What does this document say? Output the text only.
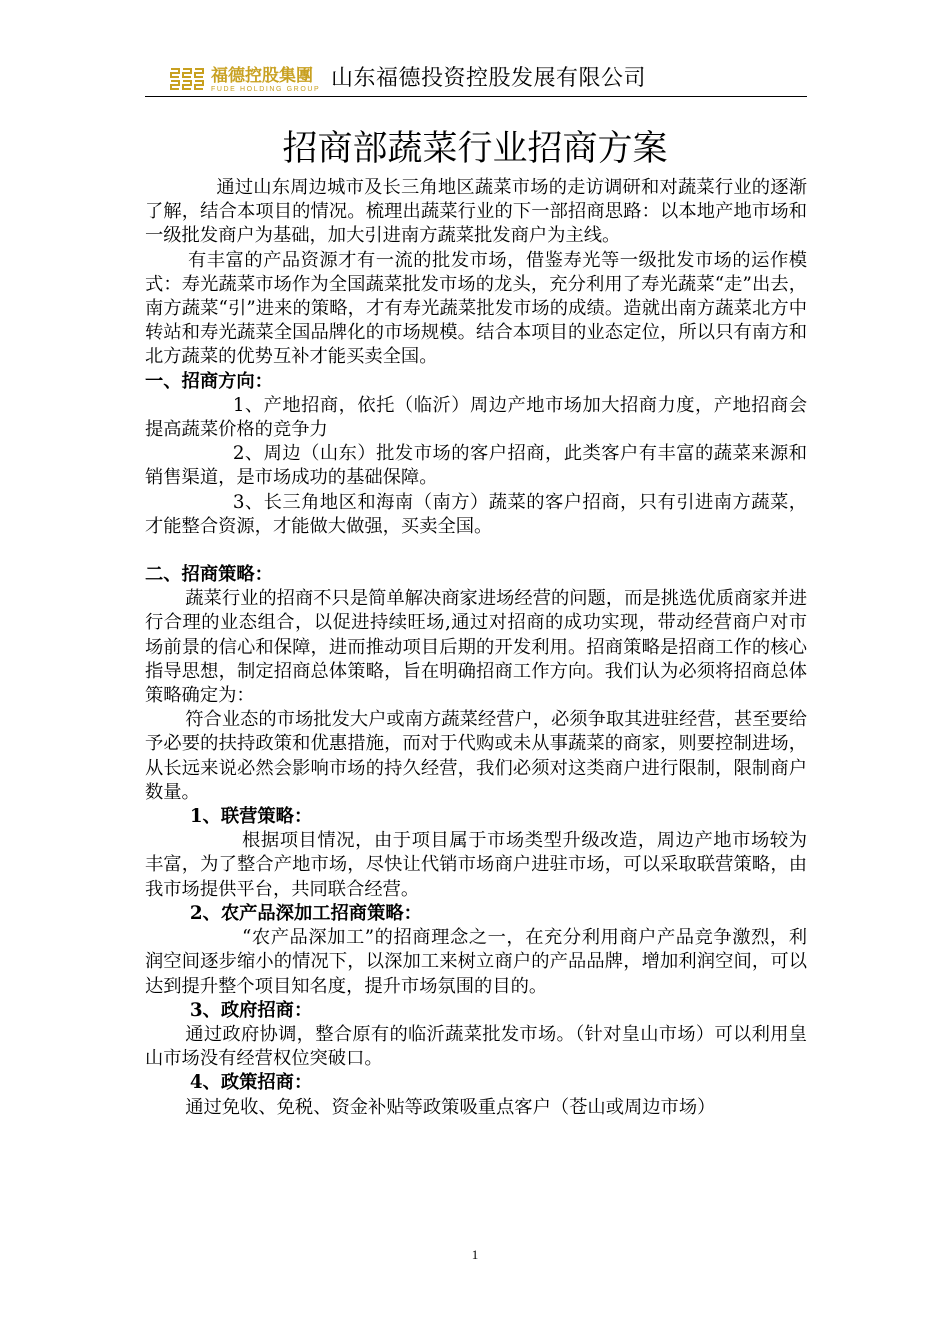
福德控股集團
FUDE HOLDING GROUP 山东福德投资控股发展有限公司
招商部蔬菜行业招商方案

通过山东周边城市及长三角地区蔬菜市场的走访调研和对蔬菜行业的逐渐了解，结合本项目的情况。梳理出蔬菜行业的下一部招商思路：以本地产地市场和一级批发商户为基础，加大引进南方蔬菜批发商户为主线。

有丰富的产品资源才有一流的批发市场，借鉴寿光等一级批发市场的运作模式：寿光蔬菜市场作为全国蔬菜批发市场的龙头，充分利用了寿光蔬菜“走”出去，南方蔬菜“引”进来的策略，才有寿光蔬菜批发市场的成绩。造就出南方蔬菜北方中转站和寿光蔬菜全国品牌化的市场规模。结合本项目的业态定位，所以只有南方和北方蔬菜的优势互补才能买卖全国。

一、招商方向：

1、产地招商，依托（临沂）周边产地市场加大招商力度，产地招商会提高蔬菜价格的竞争力

2、周边（山东）批发市场的客户招商，此类客户有丰富的蔬菜来源和销售渠道，是市场成功的基础保障。

3、长三角地区和海南（南方）蔬菜的客户招商，只有引进南方蔬菜，才能整合资源，才能做大做强，买卖全国。

二、招商策略：

蔬菜行业的招商不只是简单解决商家进场经营的问题，而是挑选优质商家并进行合理的业态组合，以促进持续旺场,通过对招商的成功实现，带动经营商户对市场前景的信心和保障，进而推动项目后期的开发利用。招商策略是招商工作的核心指导思想，制定招商总体策略，旨在明确招商工作方向。我们认为必须将招商总体策略确定为：

符合业态的市场批发大户或南方蔬菜经营户，必须争取其进驻经营，甚至要给予必要的扶持政策和优惠措施，而对于代购或未从事蔬菜的商家，则要控制进场，从长远来说必然会影响市场的持久经营，我们必须对这类商户进行限制，限制商户数量。

1、联营策略：

根据项目情况，由于项目属于市场类型升级改造，周边产地市场较为丰富，为了整合产地市场，尽快让代销市场商户进驻市场，可以采取联营策略，由我市场提供平台，共同联合经营。

2、农产品深加工招商策略：

“农产品深加工”的招商理念之一，在充分利用商户产品竞争激烈，利润空间逐步缩小的情况下，以深加工来树立商户的产品品牌，增加利润空间，可以达到提升整个项目知名度，提升市场氛围的目的。

3、政府招商：

通过政府协调，整合原有的临沂蔬菜批发市场。（针对皇山市场）可以利用皇山市场没有经营权位突破口。

4、政策招商：

通过免收、免税、资金补贴等政策吸重点客户（苍山或周边市场）

1
